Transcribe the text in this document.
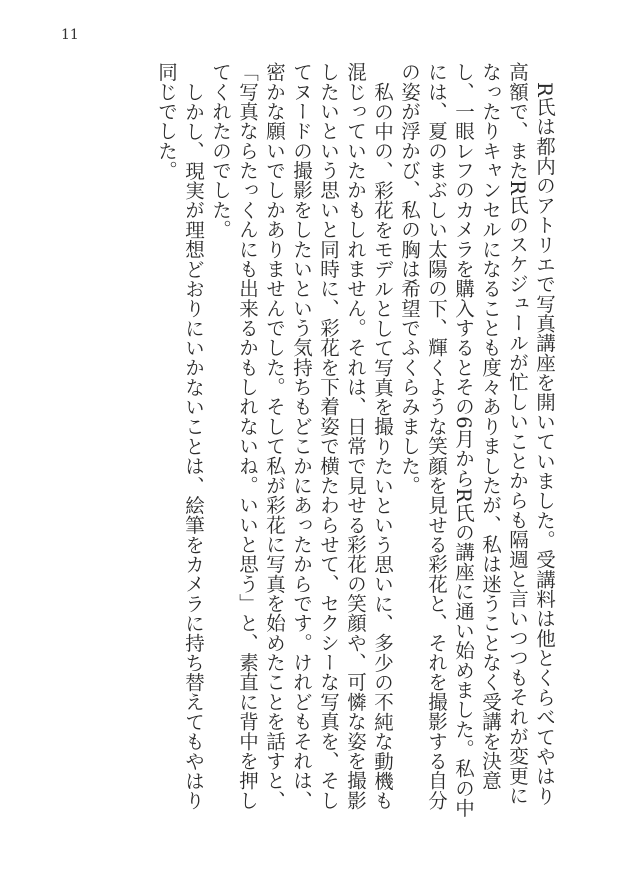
11

R氏は都内のアトリエで写真講座を開いていました。受講料は他とくらべてやはり高額で、またR氏のスケジュールが忙しいことからも隔週と言いつつもそれが変更になったりキャンセルになることも度々ありましたが、私は迷うことなく受講を決意し、一眼レフのカメラを購入するとその6月からR氏の講座に通い始めました。私の中には、夏のまぶしい太陽の下、輝くような笑顔を見せる彩花と、それを撮影する自分の姿が浮かび、私の胸は希望でふくらみました。

私の中の、彩花をモデルとして写真を撮りたいという思いに、多少の不純な動機も混じっていたかもしれません。それは、日常で見せる彩花の笑顔や、可憐な姿を撮影したいという思いと同時に、彩花を下着姿で横たわらせて、セクシーな写真を、そしてヌードの撮影をしたいという気持ちもどこかにあったからです。けれどもそれは、密かな願いでしかありませんでした。そして私が彩花に写真を始めたことを話すと、「写真ならたっくんにも出来るかもしれないね。いいと思う」と、素直に背中を押してくれたのでした。

しかし、現実が理想どおりにいかないことは、絵筆をカメラに持ち替えてもやはり同じでした。
